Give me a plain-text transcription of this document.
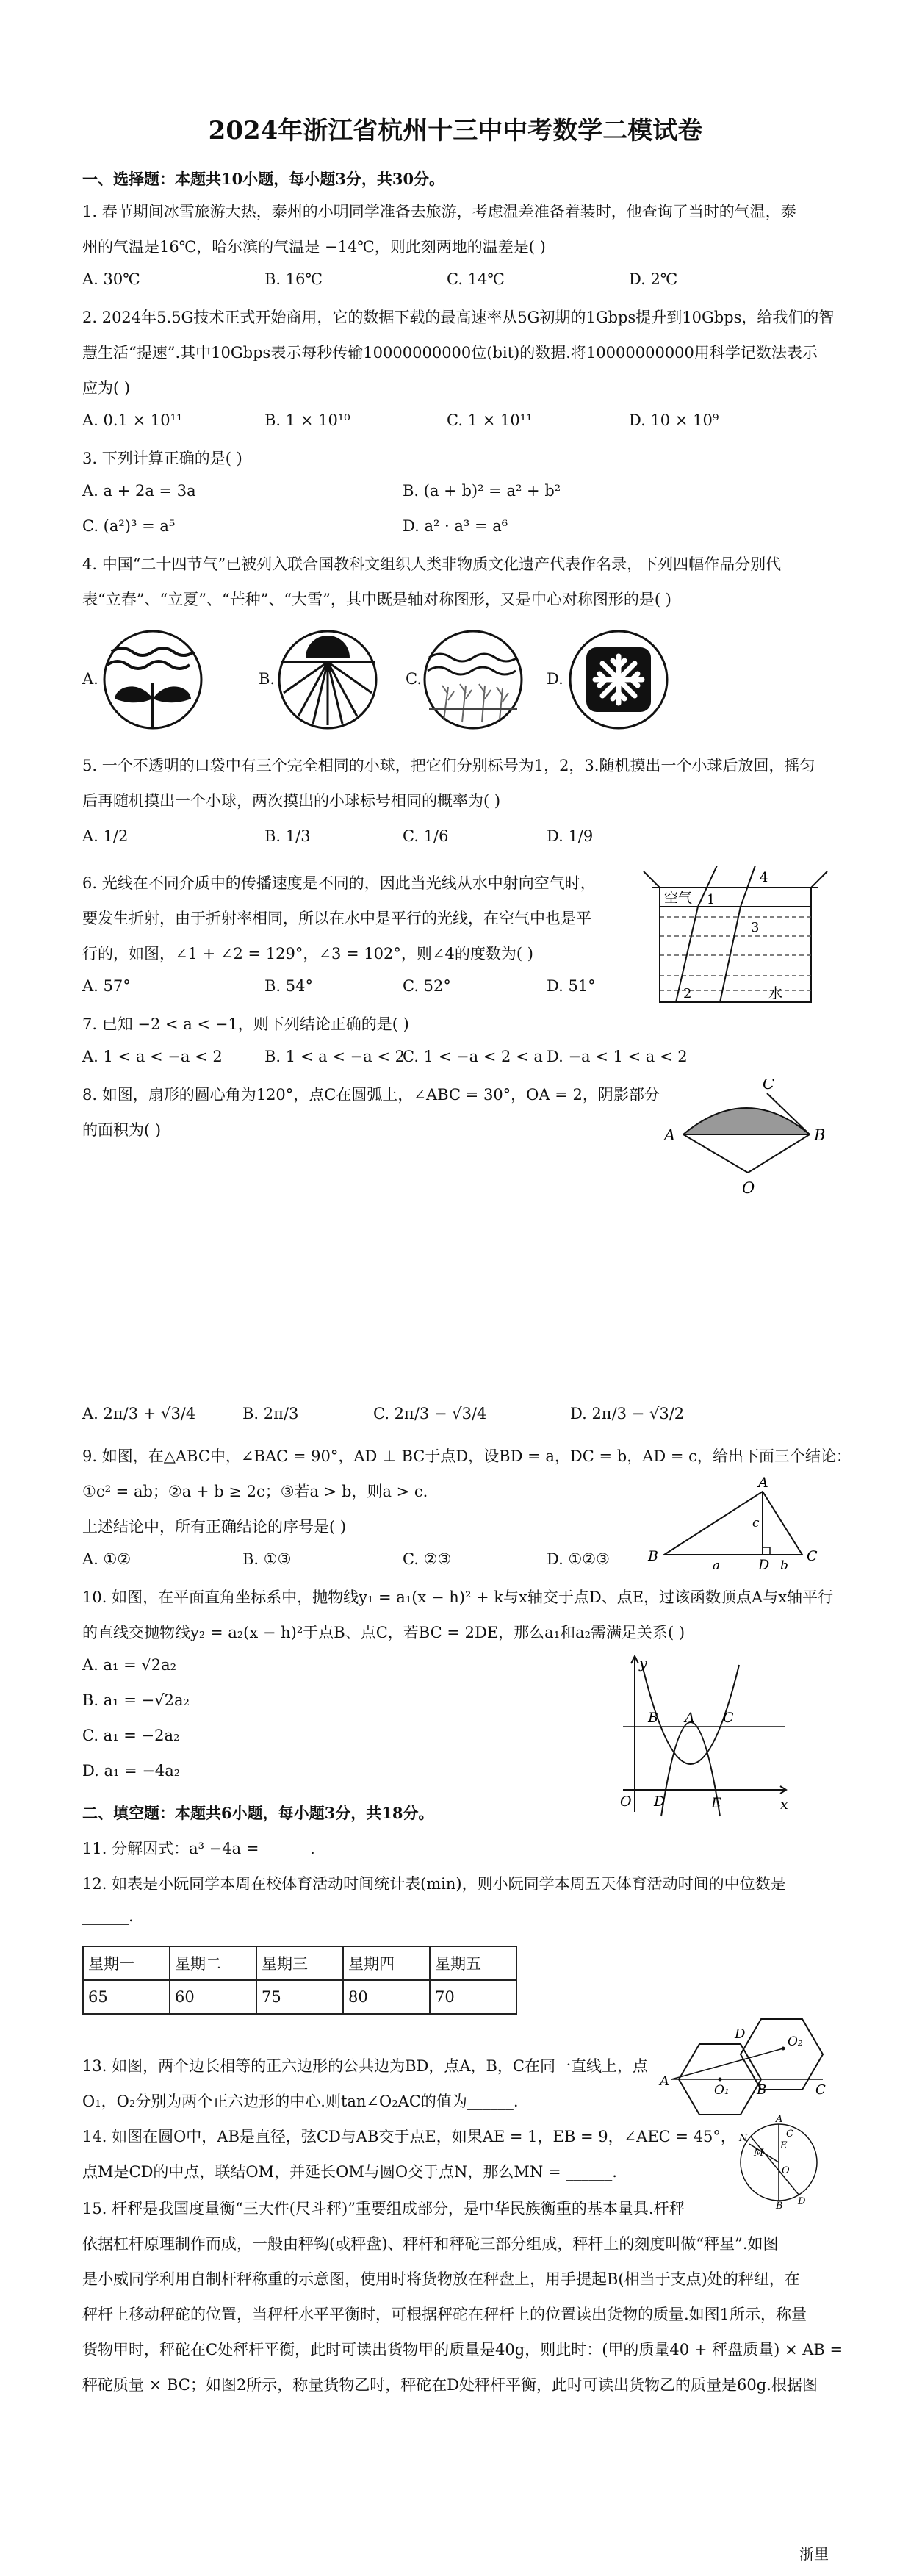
2024年浙江省杭州十三中中考数学二模试卷
一、选择题：本题共10小题，每小题3分，共30分。
1. 春节期间冰雪旅游大热，泰州的小明同学准备去旅游，考虑温差准备着装时，他查询了当时的气温，泰
州的气温是16℃，哈尔滨的气温是 −14℃，则此刻两地的温差是( )
A. 30℃	B. 16℃	C. 14℃	D. 2℃
2. 2024年5.5G技术正式开始商用，它的数据下载的最高速率从5G初期的1Gbps提升到10Gbps，给我们的智
慧生活“提速”.其中10Gbps表示每秒传输10000000000位(bit)的数据.将10000000000用科学记数法表示
应为( )
A. 0.1 × 10¹¹	B. 1 × 10¹⁰	C. 1 × 10¹¹	D. 10 × 10⁹
3. 下列计算正确的是( )
A. a + 2a = 3a	B. (a + b)² = a² + b²
C. (a²)³ = a⁵	D. a² · a³ = a⁶
4. 中国“二十四节气”已被列入联合国教科文组织人类非物质文化遗产代表作名录，下列四幅作品分别代
表“立春”、“立夏”、“芒种”、“大雪”，其中既是轴对称图形，又是中心对称图形的是( )
A.	B.	C.	D.
5. 一个不透明的口袋中有三个完全相同的小球，把它们分别标号为1，2，3.随机摸出一个小球后放回，摇匀
后再随机摸出一个小球，两次摸出的小球标号相同的概率为( )
A. 1/2	B. 1/3	C. 1/6	D. 1/9
6. 光线在不同介质中的传播速度是不同的，因此当光线从水中射向空气时，
要发生折射，由于折射率相同，所以在水中是平行的光线，在空气中也是平
行的，如图，∠1 + ∠2 = 129°，∠3 = 102°，则∠4的度数为( )
A. 57°	B. 54°	C. 52°	D. 51°
空气
水
1
2
3
4
7. 已知 −2 < a < −1，则下列结论正确的是( )
A. 1 < a < −a < 2	B. 1 < a < −a < 2
C. 1 < −a < 2 < a D. −a < 1 < a < 2
8. 如图，扇形的圆心角为120°，点C在圆弧上，∠ABC = 30°，OA = 2，阴影部分
的面积为( )	A	B
C
O
A. 2π/3 + √3/4	B. 2π/3	C. 2π/3 − √3/4	D. 2π/3 − √3/2
9. 如图，在△ABC中，∠BAC = 90°，AD ⊥ BC于点D，设BD = a，DC = b，AD = c，给出下面三个结论：
①c² = ab；②a + b ≥ 2c；③若a > b，则a > c.
上述结论中，所有正确结论的序号是( )
A. ①②	B. ①③	C. ②③	D. ①②③
A
B	C
D
a	b
c
10. 如图，在平面直角坐标系中，抛物线y₁ = a₁(x − h)² + k与x轴交于点D、点E，过该函数顶点A与x轴平行
的直线交抛物线y₂ = a₂(x − h)²于点B、点C，若BC = 2DE，那么a₁和a₂需满足关系( )
A. a₁ = √2a₂
B. a₁ = −√2a₂
C. a₁ = −2a₂
D. a₁ = −4a₂
y
x
O
B A C
D	E
二、填空题：本题共6小题，每小题3分，共18分。
11. 分解因式：a³ −4a = ______.
12. 如表是小阮同学本周在校体育活动时间统计表(min)，则小阮同学本周五天体育活动时间的中位数是
______.
星期一	星期二	星期三	星期四	星期五
65	60	75	80	70
13. 如图，两个边长相等的正六边形的公共边为BD，点A，B，C在同一直线上，点
O₁，O₂分别为两个正六边形的中心.则tan∠O₂AC的值为______.
A
B	C
D
O₁
O₂
14. 如图在圆O中，AB是直径，弦CD与AB交于点E，如果AE = 1，EB = 9，∠AEC = 45°，
点M是CD的中点，联结OM，并延长OM与圆O交于点N，那么MN = ______.
A
B
C
D
E
M
N
O
15. 杆秤是我国度量衡“三大件(尺斗秤)”重要组成部分，是中华民族衡重的基本量具.杆秤
依据杠杆原理制作而成，一般由秤钩(或秤盘)、秤杆和秤砣三部分组成，秤杆上的刻度叫做“秤星”.如图
是小威同学利用自制杆秤称重的示意图，使用时将货物放在秤盘上，用手提起B(相当于支点)处的秤纽，在
秤杆上移动秤砣的位置，当秤杆水平平衡时，可根据秤砣在秤杆上的位置读出货物的质量.如图1所示，称量
货物甲时，秤砣在C处秤杆平衡，此时可读出货物甲的质量是40g，则此时：(甲的质量40 + 秤盘质量) × AB =
秤砣质量 × BC；如图2所示，称量货物乙时，秤砣在D处秤杆平衡，此时可读出货物乙的质量是60g.根据图
浙里
